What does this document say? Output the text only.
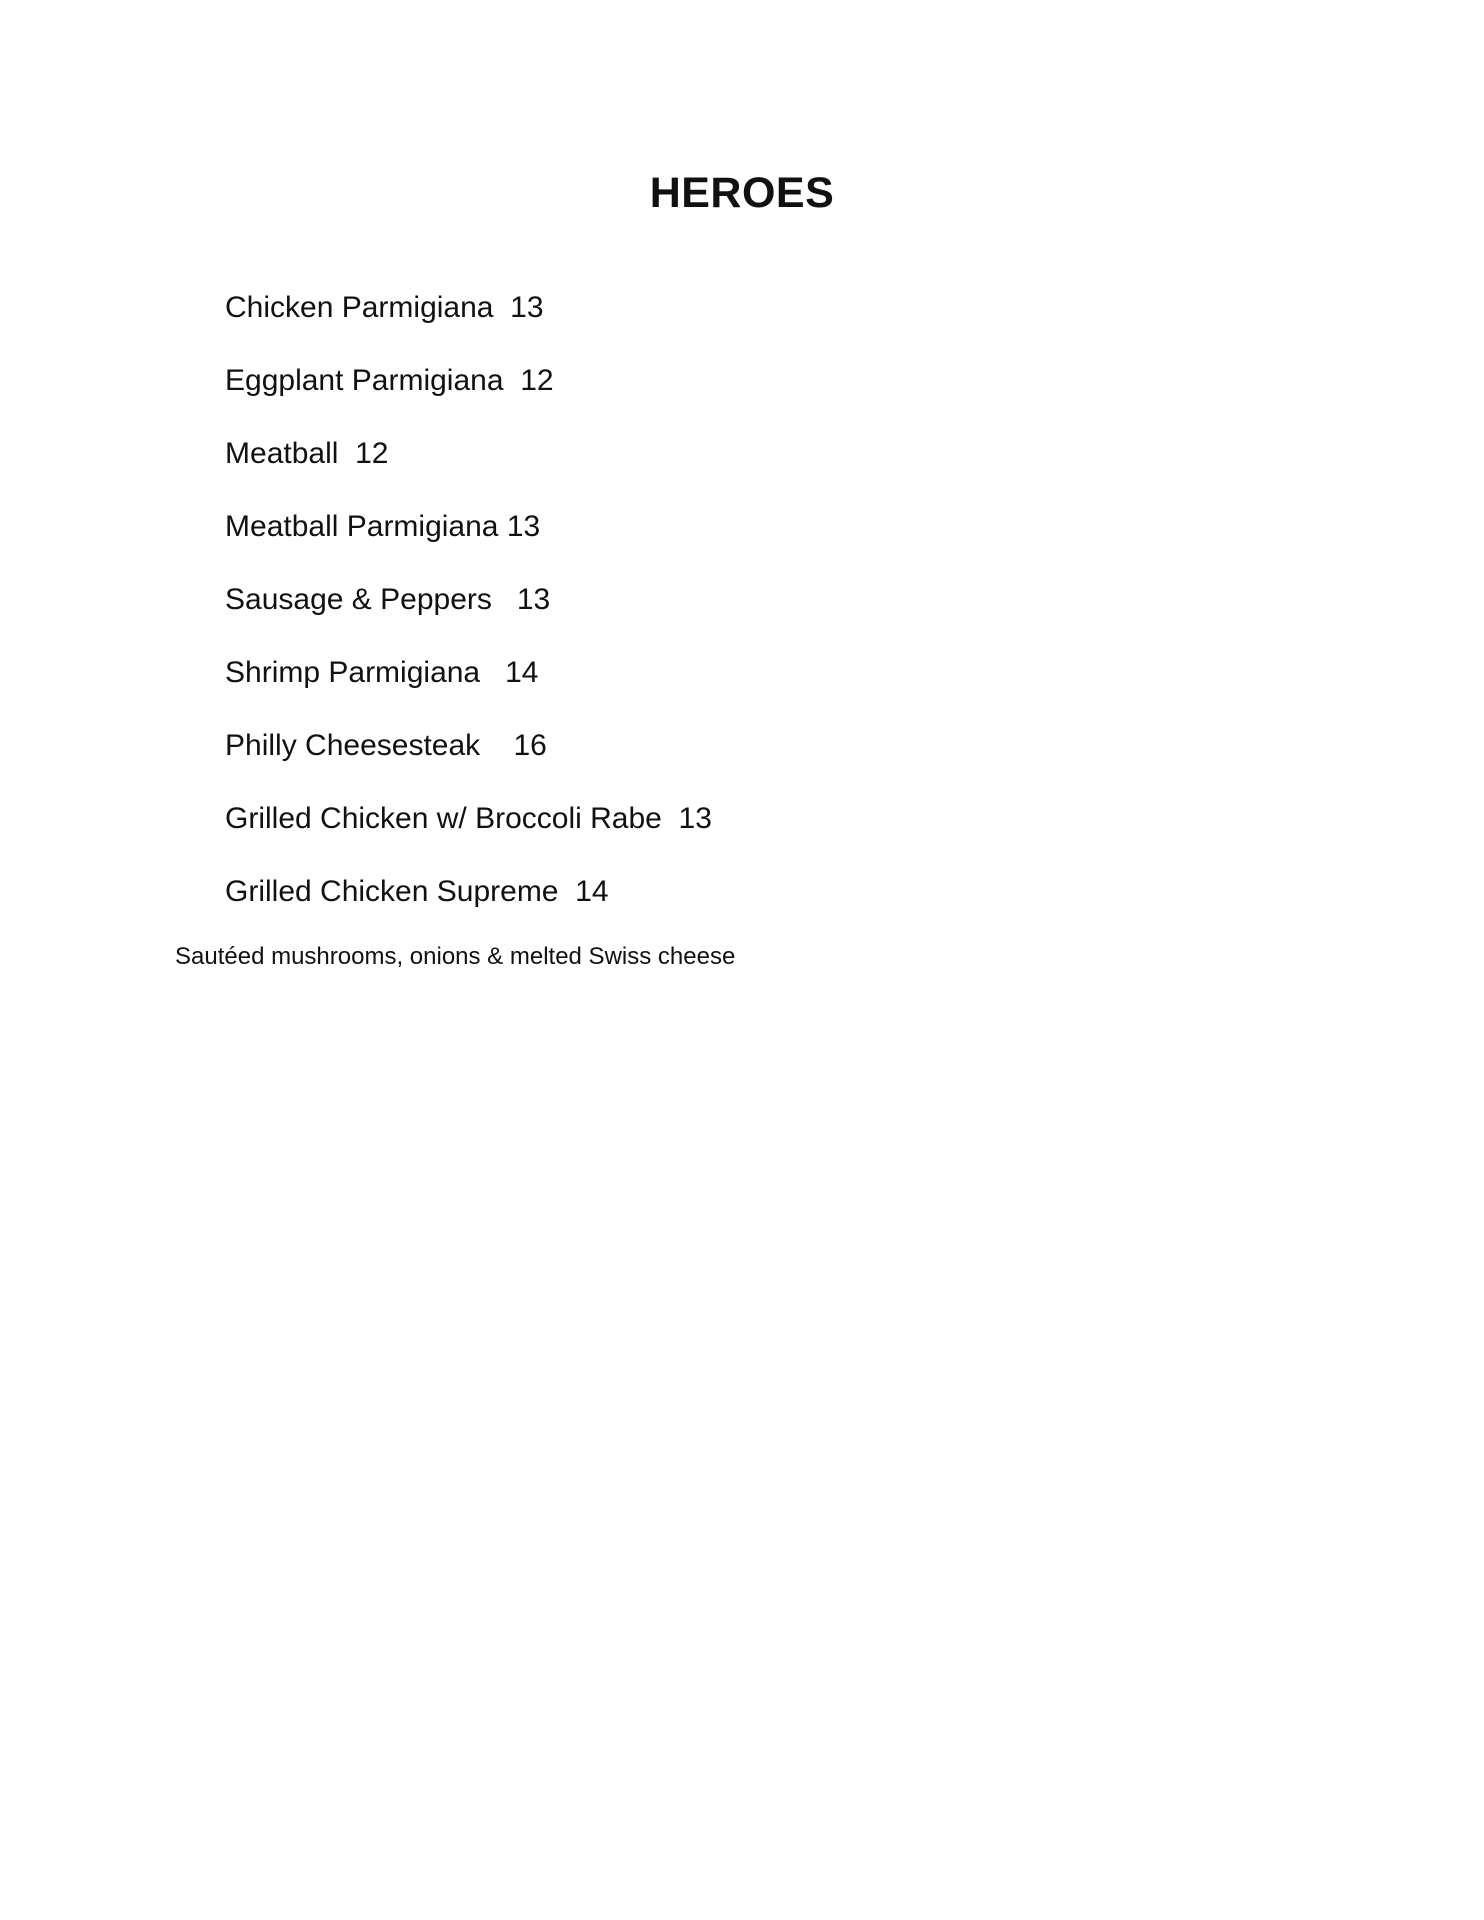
HEROES

Chicken Parmigiana  13

Eggplant Parmigiana  12

Meatball  12

Meatball Parmigiana 13

Sausage & Peppers   13

Shrimp Parmigiana   14

Philly Cheesesteak    16

Grilled Chicken w/ Broccoli Rabe  13

Grilled Chicken Supreme  14

Sautéed mushrooms, onions & melted Swiss cheese
